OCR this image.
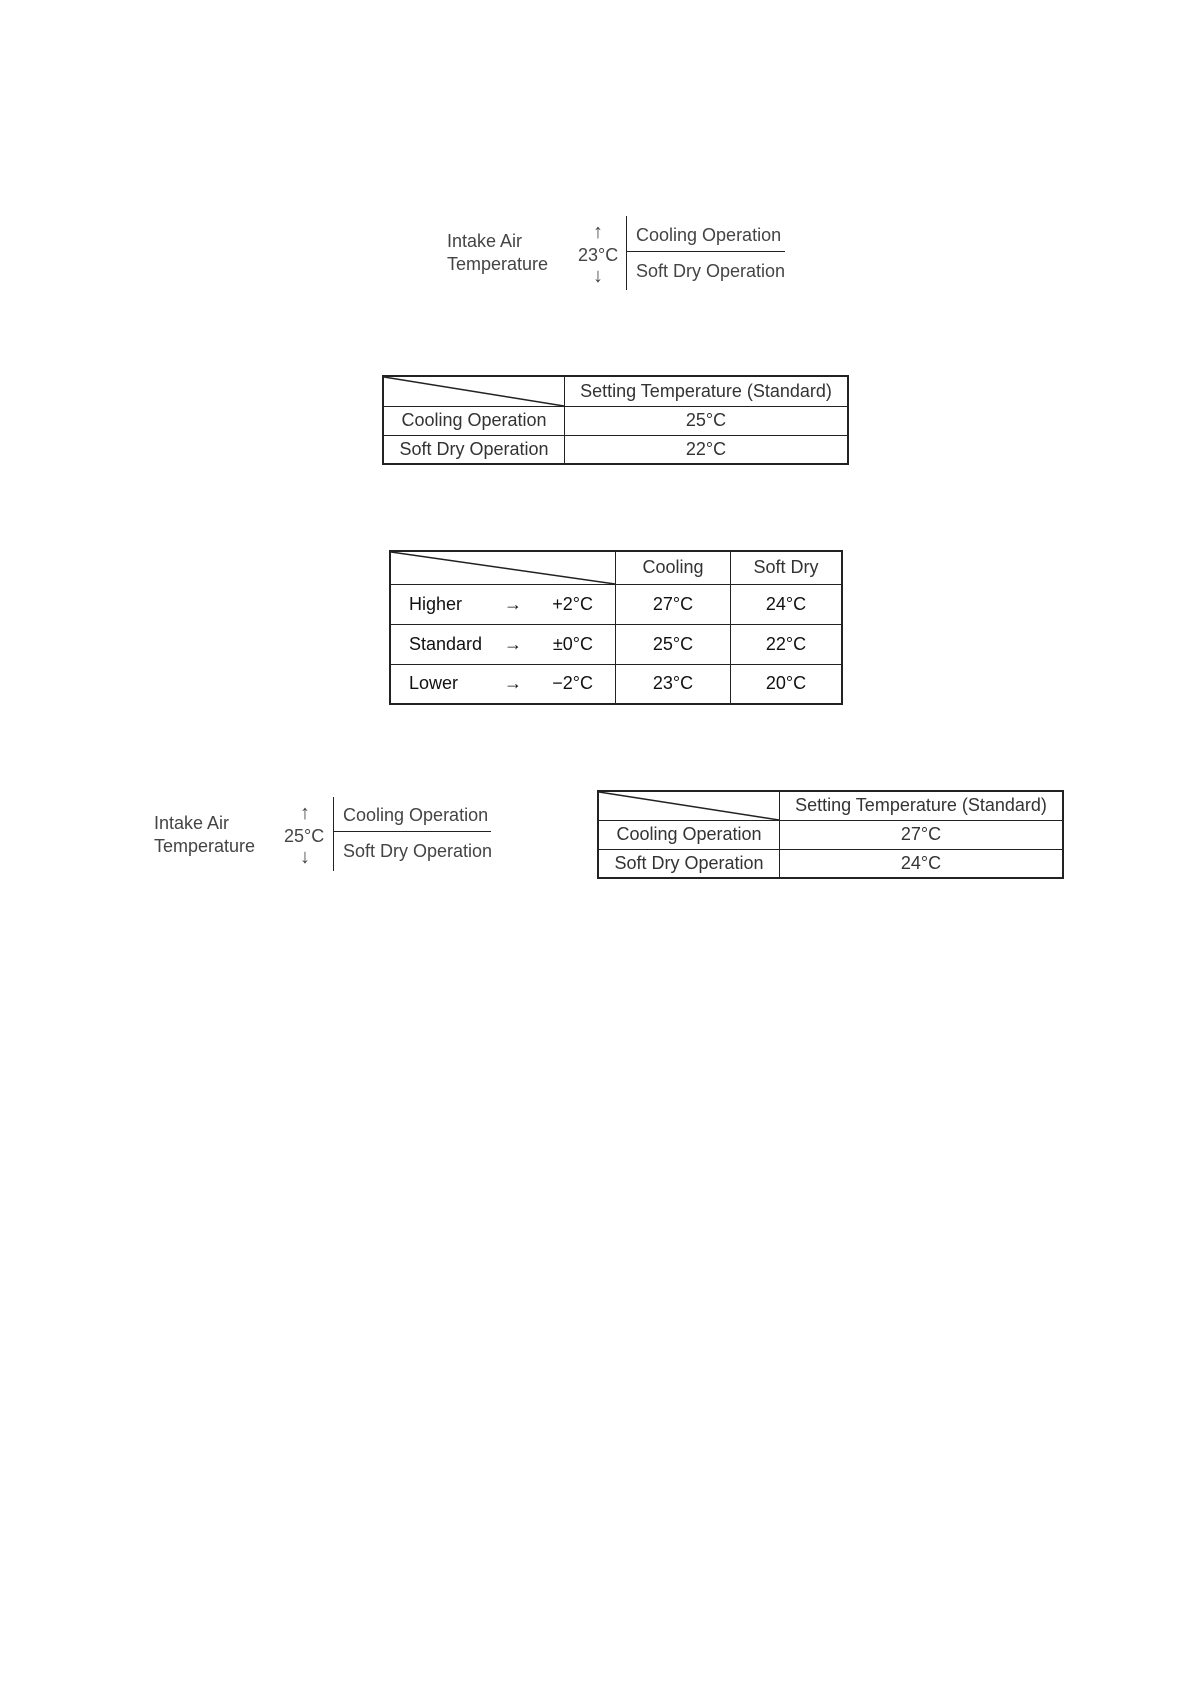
Intake Air
Temperature
↑
23°C
↓
Cooling Operation
Soft Dry Operation
	Setting Temperature (Standard)
Cooling Operation	25°C
Soft Dry Operation	22°C
	Cooling	Soft Dry

Higher → +2°C	27°C	24°C

Standard → ±0°C	25°C	22°C

Lower → −2°C	23°C	20°C
Intake Air
Temperature
↑
25°C
↓
Cooling Operation
Soft Dry Operation
	Setting Temperature (Standard)
Cooling Operation	27°C
Soft Dry Operation	24°C
